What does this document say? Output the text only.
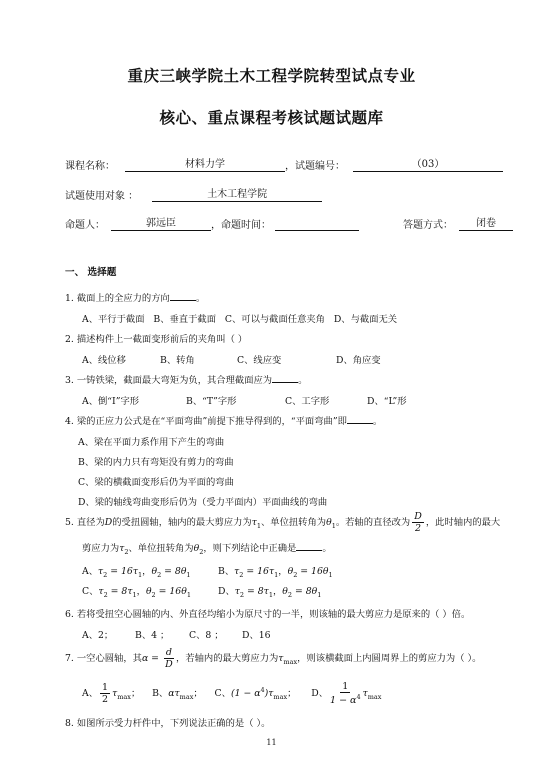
重庆三峡学院土木工程学院转型试点专业
核心、重点课程考核试题试题库
课程名称：	材料力学	，试题编号：	（03）
试题使用对象 ：	土木工程学院
命题人：	郭远臣	，命题时间：	答题方式： 闭卷
一、 选择题
1. 截面上的全应力的方向	。
A、平行于截面 B、垂直于截面 C、可以与截面任意夹角 D、与截面无关
2. 描述构件上一截面变形前后的夹角叫（ ）
A、线位移	B、转角	C、线应变	D、角应变
3. 一铸铁梁，截面最大弯矩为负，其合理截面应为	。
A、倒“I”字形	B、“T”字形	C、工字形	D、“L”形
4. 梁的正应力公式是在“平面弯曲”前提下推导得到的，“平面弯曲”即	。
A、梁在平面力系作用下产生的弯曲
B、梁的内力只有弯矩没有剪力的弯曲
C、梁的横截面变形后仍为平面的弯曲
D、梁的轴线弯曲变形后仍为（受力平面内）平面曲线的弯曲
5. 直径为D的受扭圆轴，轴内的最大剪应力为$\tau_1$、单位扭转角为$\theta_1$。若轴的直径改为 $\frac{D}{2}$ ，此时轴内的最大
剪应力为$\tau_2$、单位扭转角为$\theta_2$，则下列结论中正确是	。
A、$\tau_2 = 16\tau_1$，$\theta_2 = 8\theta_1$	B、$\tau_2 = 16\tau_1$，$\theta_2 = 16\theta_1$
C、$\tau_2 = 8\tau_1$，$\theta_2 = 16\theta_1$	D、$\tau_2 = 8\tau_1$，$\theta_2 = 8\theta_1$
6. 若将受扭空心圆轴的内、外直径均缩小为原尺寸的一半，则该轴的最大剪应力是原来的（ ）倍。
A、2； B、4 ； C、8 ； D、16
7. 一空心圆轴，其$\alpha = \frac{d}{D}$ ，若轴内的最大剪应力为$\tau_{max}$，则该横截面上内圆周界上的剪应力为（ ）。
A、 $\frac{1}{2} \tau_{max}$； B、$\alpha\tau_{max}$； C、$(1 - \alpha^4)\tau_{max}$； D、 $\frac{1}{1 - \alpha^4} \tau_{max}$
8. 如图所示受力杆件中，下列说法正确的是（ ）。
11
